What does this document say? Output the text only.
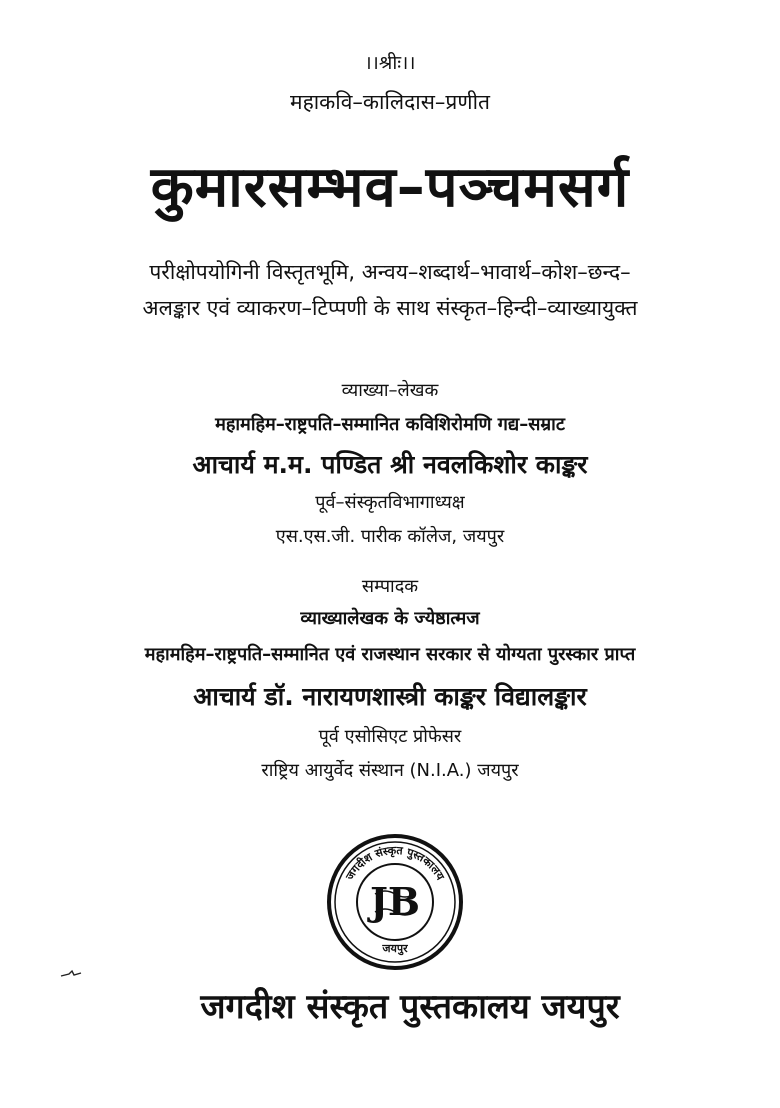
।।श्रीः।।
महाकवि–कालिदास–प्रणीत
कुमारसम्भव–पञ्चमसर्ग
परीक्षोपयोगिनी विस्तृतभूमि, अन्वय–शब्दार्थ–भावार्थ–कोश–छन्द–
अलङ्कार एवं व्याकरण–टिप्पणी के साथ संस्कृत–हिन्दी–व्याख्यायुक्त
व्याख्या–लेखक
महामहिम–राष्ट्रपति–सम्मानित कविशिरोमणि गद्य–सम्राट
आचार्य म.म. पण्डित श्री नवलकिशोर काङ्कर
पूर्व–संस्कृतविभागाध्यक्ष
एस.एस.जी. पारीक कॉलेज, जयपुर
सम्पादक
व्याख्यालेखक के ज्येष्ठात्मज
महामहिम–राष्ट्रपति–सम्मानित एवं राजस्थान सरकार से योग्यता पुरस्कार प्राप्त
आचार्य डॉ. नारायणशास्त्री काङ्कर विद्यालङ्कार
पूर्व एसोसिएट प्रोफेसर
राष्ट्रिय आयुर्वेद संस्थान (N.I.A.) जयपुर
जगदीश संस्कृत पुस्तकालय
जयपुर
JB
जगदीश संस्कृत पुस्तकालय जयपुर
